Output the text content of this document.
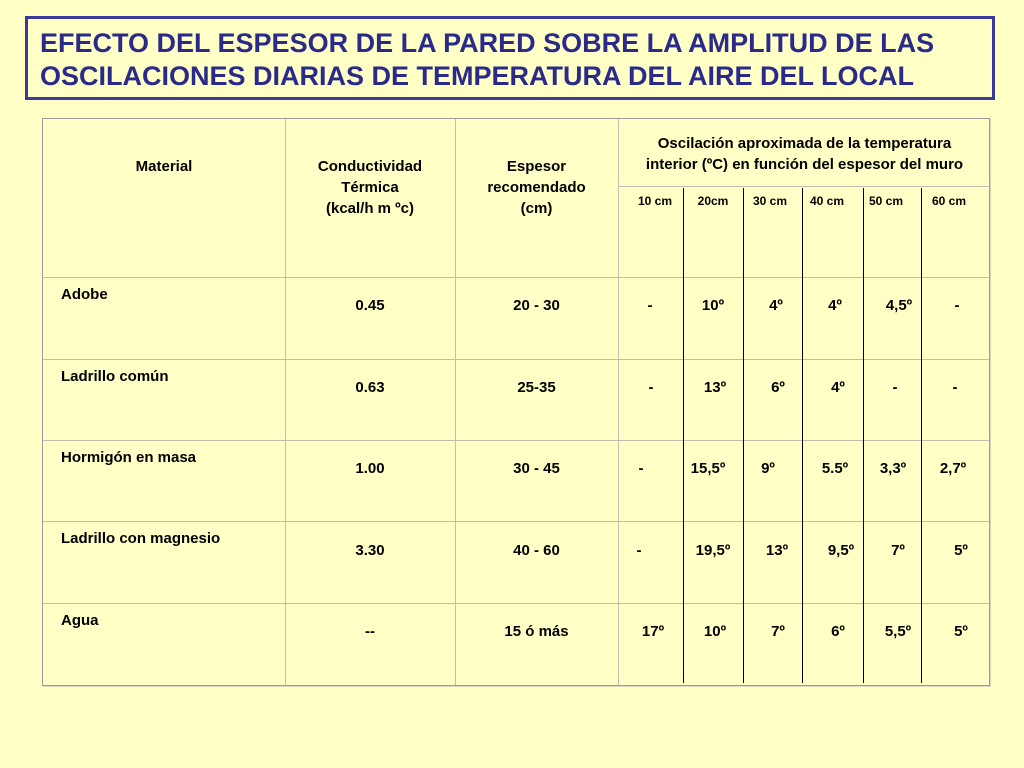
EFECTO DEL ESPESOR DE LA PARED SOBRE LA AMPLITUD DE LAS
OSCILACIONES DIARIAS DE TEMPERATURA DEL AIRE DEL LOCAL
Material	Conductividad
Térmica
(kcal/h m ºc)
Espesor
recomendado
(cm)
Oscilación aproximada de la temperatura
interior (ºC) en función del espesor del muro
10 cm	20cm	30 cm	40 cm	50 cm	60 cm
Adobe
0.45	20 - 30	-	10º	4º	4º	4,5º	-
Ladrillo común
0.63	25-35	-	13º	6º	4º	-	-
Hormigón en masa
1.00	30 - 45	-	15,5º	9º	5.5º	3,3º	2,7º
Ladrillo con magnesio
3.30	40 - 60	-	19,5º	13º	9,5º	7º	5º
Agua
--	15 ó más	17º	10º	7º	6º	5,5º	5º
